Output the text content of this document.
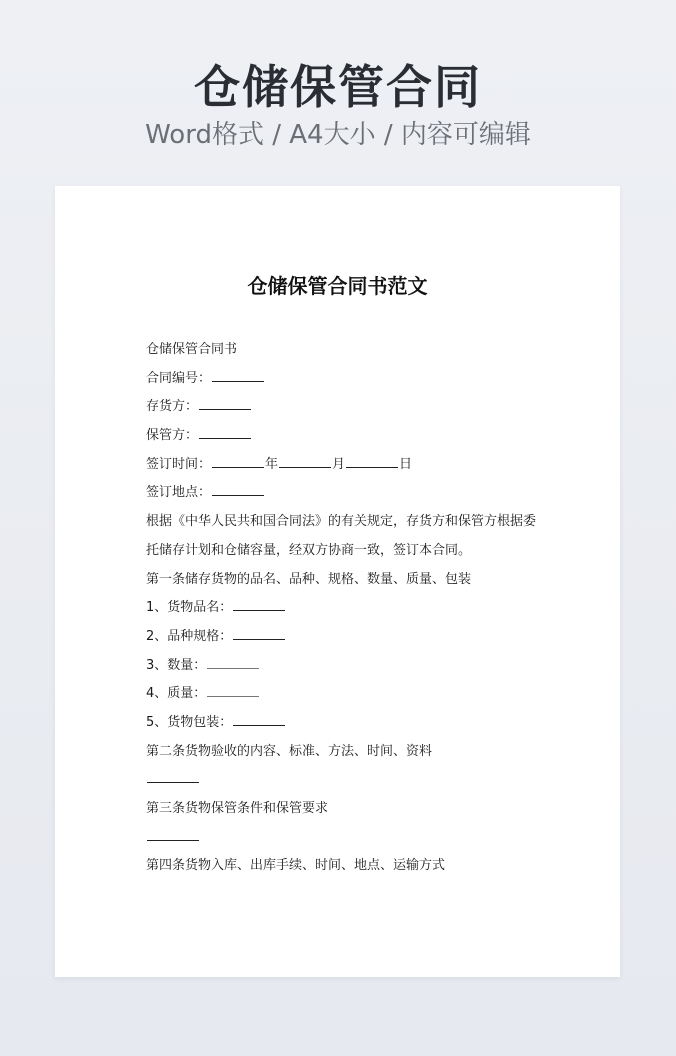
仓储保管合同
Word格式 / A4大小 / 内容可编辑
仓储保管合同书范文
仓储保管合同书
合同编号：
存货方：
保管方：
签订时间：	年	月	日
签订地点：
根据《中华人民共和国合同法》的有关规定，存货方和保管方根据委
托储存计划和仓储容量，经双方协商一致，签订本合同。
第一条储存货物的品名、品种、规格、数量、质量、包装
1、货物品名：
2、品种规格：
3、数量：
4、质量：
5、货物包装：
第二条货物验收的内容、标准、方法、时间、资料
第三条货物保管条件和保管要求
第四条货物入库、出库手续、时间、地点、运输方式
